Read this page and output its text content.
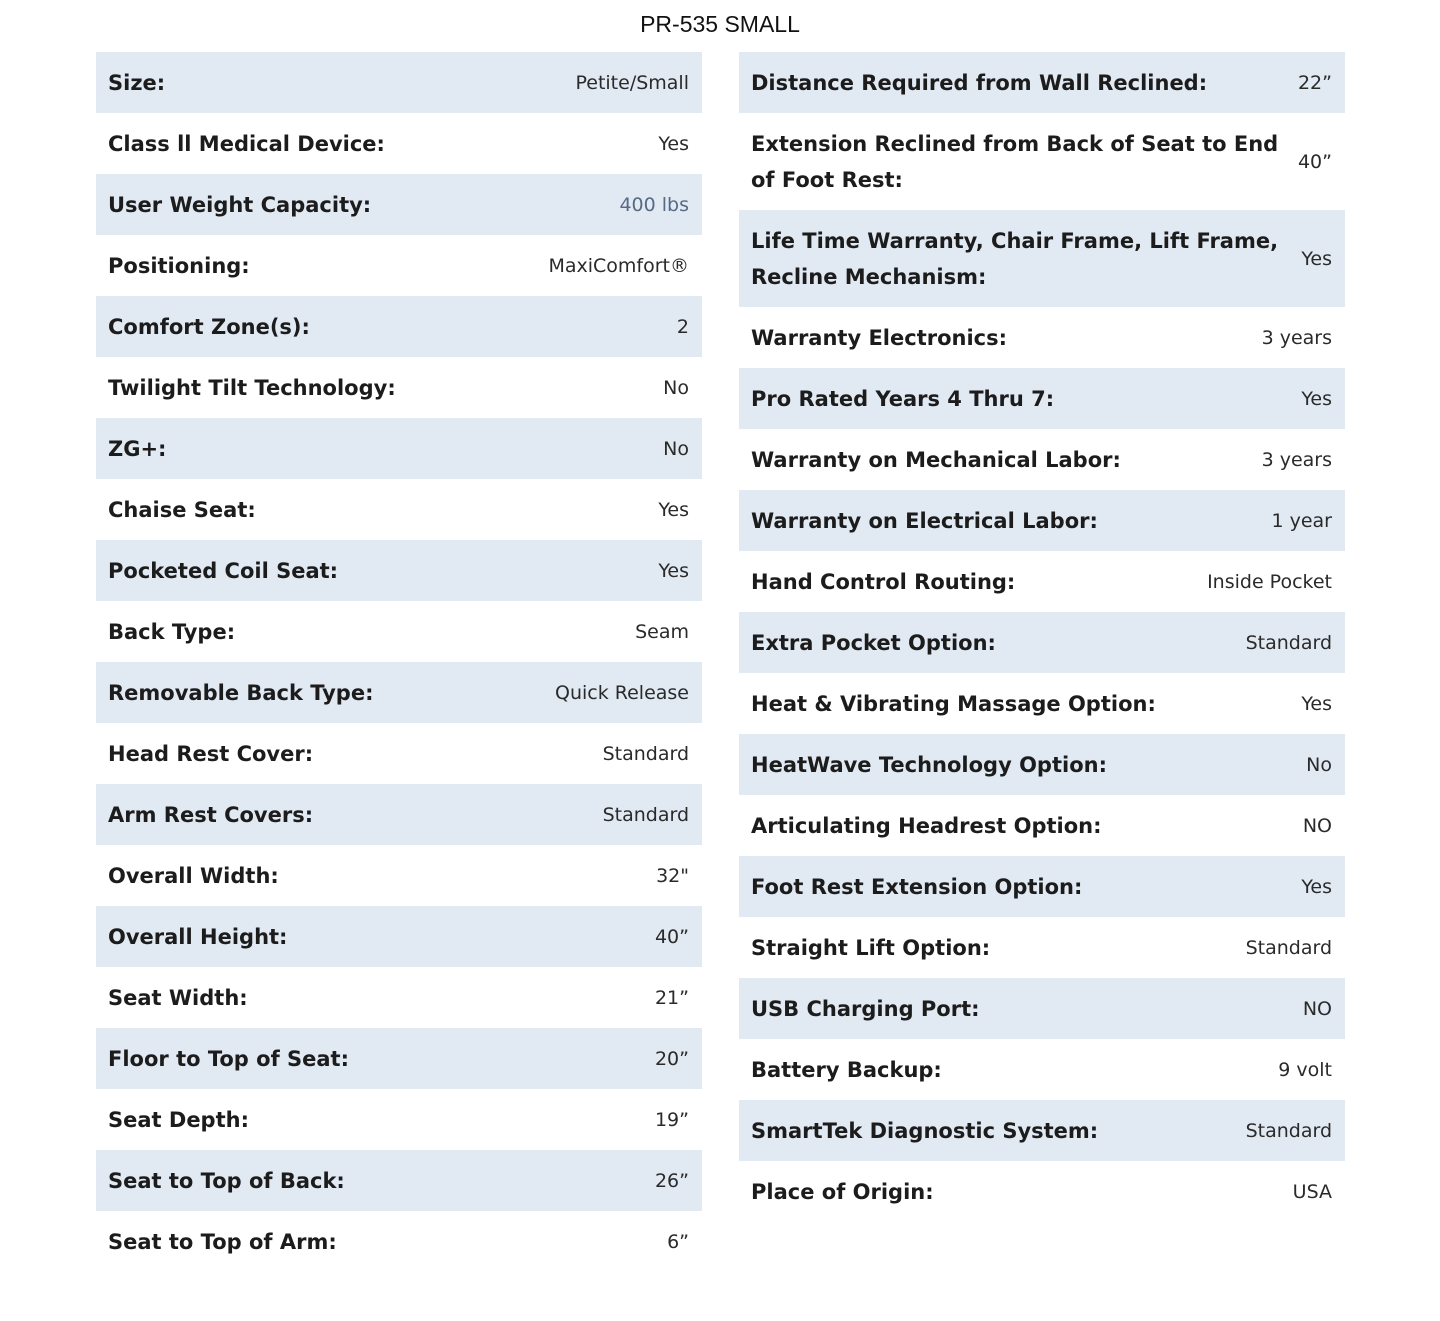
PR-535 SMALL
Size:	Petite/Small
Class ll Medical Device:	Yes
User Weight Capacity:	400 lbs
Positioning:	MaxiComfort®
Comfort Zone(s):	2
Twilight Tilt Technology:	No
ZG+:	No
Chaise Seat:	Yes
Pocketed Coil Seat:	Yes
Back Type:	Seam
Removable Back Type:	Quick Release
Head Rest Cover:	Standard
Arm Rest Covers:	Standard
Overall Width:	32"
Overall Height:	40”
Seat Width:	21”
Floor to Top of Seat:	20”
Seat Depth:	19”
Seat to Top of Back:	26”
Seat to Top of Arm:	6”
Distance Required from Wall Reclined:	22”
Extension Reclined from Back of Seat to End of Foot Rest:
40”
Life Time Warranty, Chair Frame, Lift Frame, Recline Mechanism:
Yes
Warranty Electronics:	3 years
Pro Rated Years 4 Thru 7:	Yes
Warranty on Mechanical Labor:	3 years
Warranty on Electrical Labor:	1 year
Hand Control Routing:	Inside Pocket
Extra Pocket Option:	Standard
Heat & Vibrating Massage Option:	Yes
HeatWave Technology Option:	No
Articulating Headrest Option:	NO
Foot Rest Extension Option:	Yes
Straight Lift Option:	Standard
USB Charging Port:	NO
Battery Backup:	9 volt
SmartTek Diagnostic System:	Standard
Place of Origin:	USA
